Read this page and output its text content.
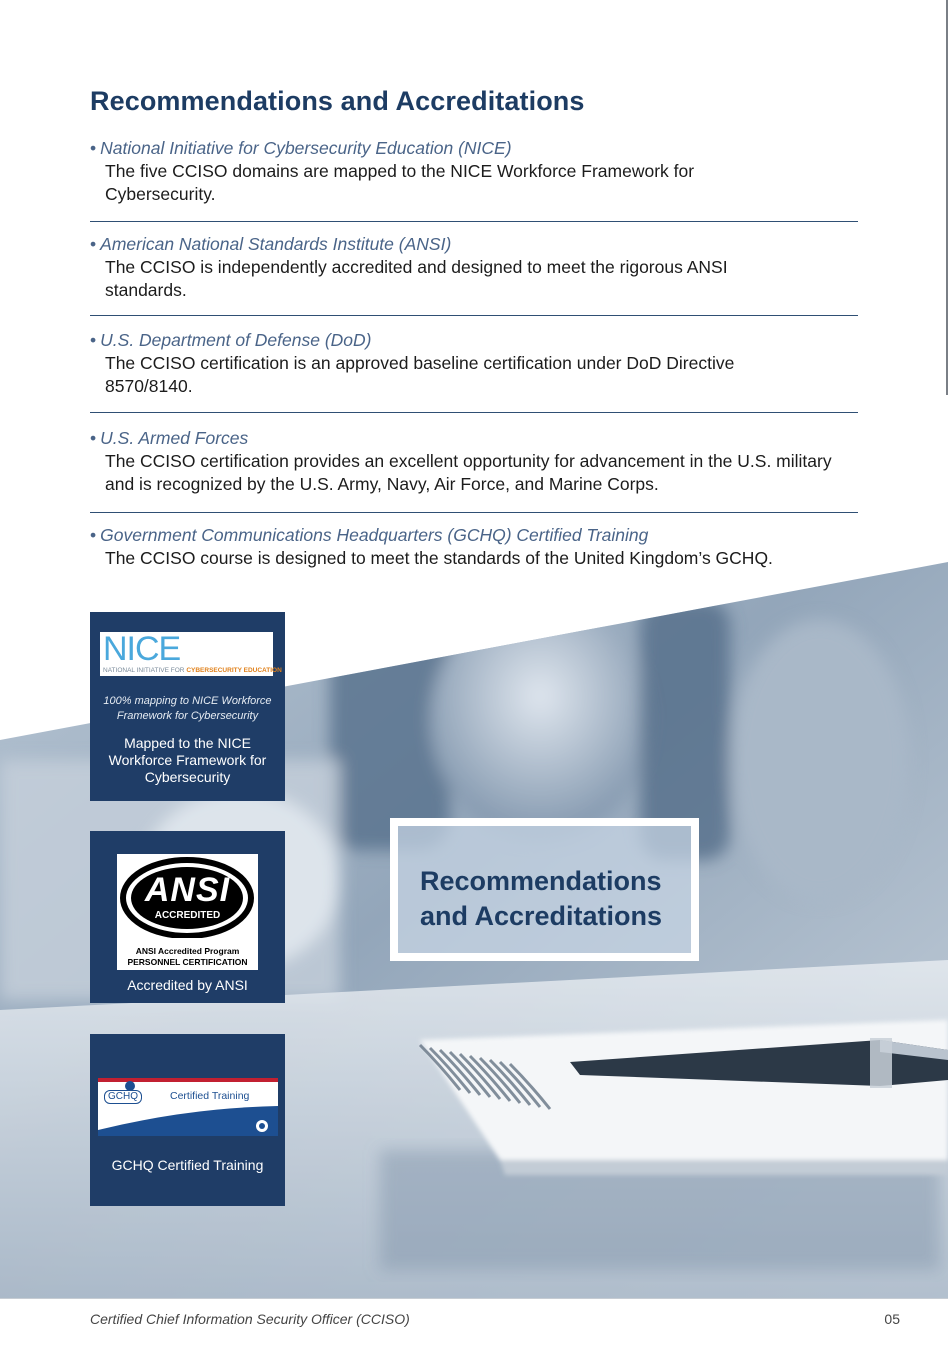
Recommendations and Accreditations
• National Initiative for Cybersecurity Education (NICE)
The five CCISO domains are mapped to the NICE Workforce Framework for Cybersecurity.
• American National Standards Institute (ANSI)
The CCISO is independently accredited and designed to meet the rigorous ANSI standards.
• U.S. Department of Defense (DoD)
The CCISO certification is an approved baseline certification under DoD Directive 8570/8140.
• U.S. Armed Forces
The CCISO certification provides an excellent opportunity for advancement in the U.S. military and is recognized by the U.S. Army, Navy, Air Force, and Marine Corps.
• Government Communications Headquarters (GCHQ) Certified Training
The CCISO course is designed to meet the standards of the United Kingdom’s GCHQ.
NICE
NATIONAL INITIATIVE FOR CYBERSECURITY EDUCATION
100% mapping to NICE Workforce Framework for Cybersecurity
Mapped to the NICE Workforce Framework for Cybersecurity
ANSI
ACCREDITED
ANSI Accredited Program
PERSONNEL CERTIFICATION
Accredited by ANSI
GCHQ	Certified Training
GCHQ Certified Training
Recommendations and Accreditations
Certified Chief Information Security Officer (CCISO)	05
